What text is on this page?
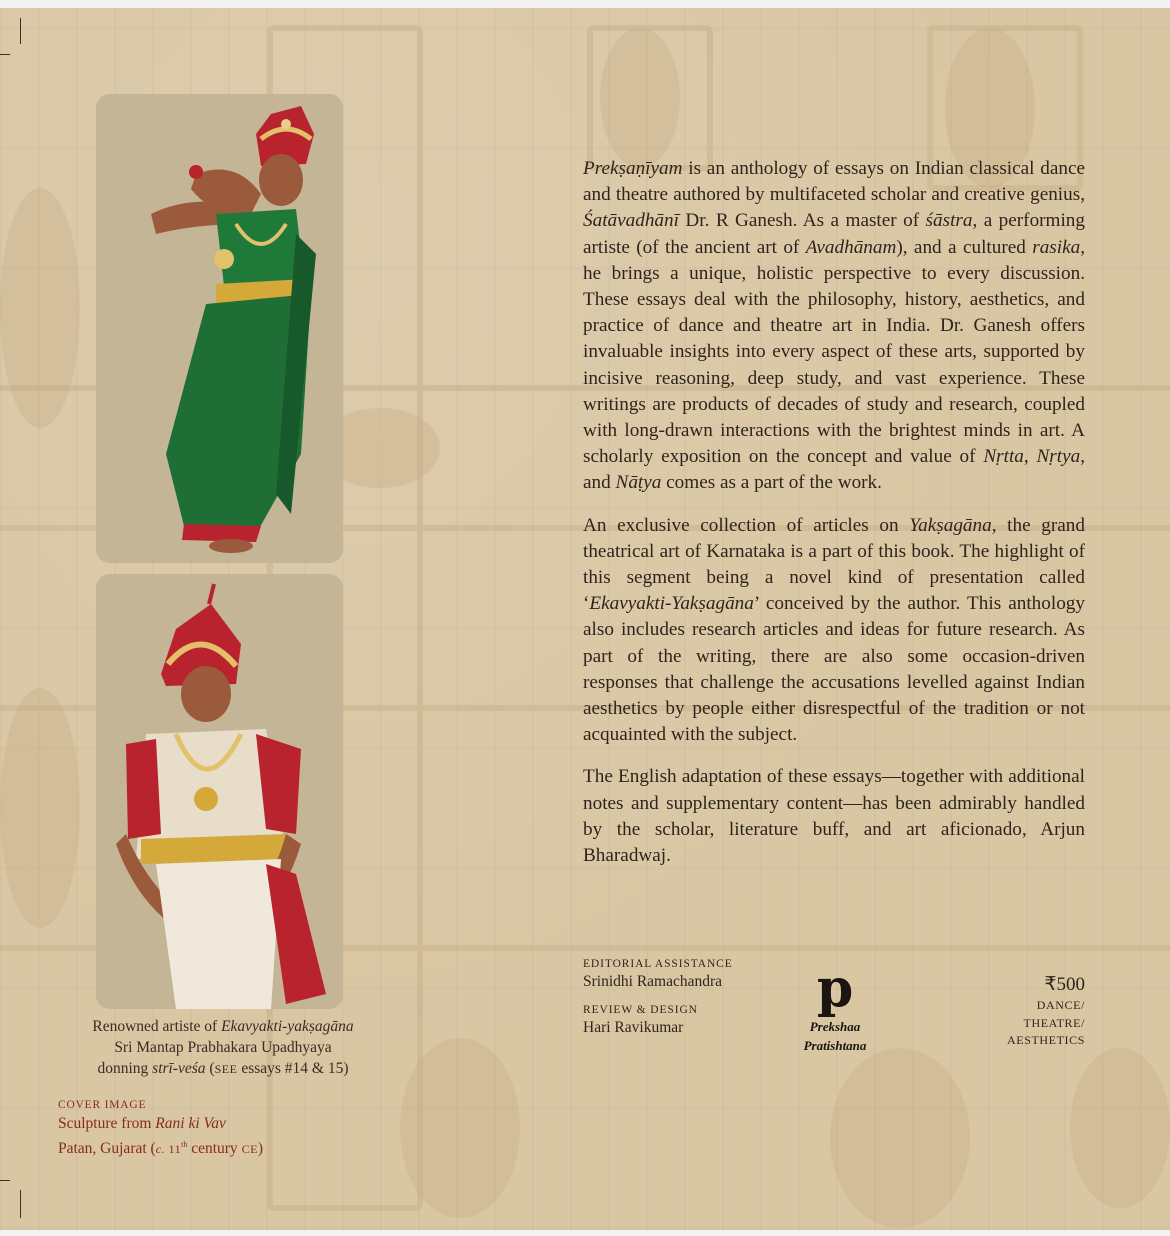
Renowned artiste of Ekavyakti-yakṣagāna
Sri Mantap Prabhakara Upadhyaya
donning strī-veśa (SEE essays #14 & 15)
COVER IMAGE
Sculpture from Rani ki Vav
Patan, Gujarat (c. 11th century CE)

Prekṣaṇīyam is an anthology of essays on Indian classical dance and theatre authored by multifaceted scholar and creative genius, Śatāvadhānī Dr. R Ganesh. As a master of śāstra, a performing artiste (of the ancient art of Avadhānam), and a cultured rasika, he brings a unique, holistic perspective to every discussion. These essays deal with the philosophy, history, aesthetics, and practice of dance and theatre art in India. Dr. Ganesh offers invaluable insights into every aspect of these arts, supported by incisive reasoning, deep study, and vast experience. These writings are products of decades of study and research, coupled with long-drawn interactions with the brightest minds in art. A scholarly exposition on the concept and value of Nṛtta, Nṛtya, and Nāṭya comes as a part of the work.

An exclusive collection of articles on Yakṣagāna, the grand theatrical art of Karnataka is a part of this book. The highlight of this segment being a novel kind of presentation called ‘Ekavyakti-Yakṣagāna’ conceived by the author. This anthology also includes research articles and ideas for future research. As part of the writing, there are also some occasion-driven responses that challenge the accusations levelled against Indian aesthetics by people either disrespectful of the tradition or not acquainted with the subject.

The English adaptation of these essays—together with additional notes and supplementary content—has been admirably handled by the scholar, literature buff, and art aficionado, Arjun Bharadwaj.

EDITORIAL ASSISTANCE
Srinidhi Ramachandra
REVIEW & DESIGN
Hari Ravikumar
p
Prekshaa
Pratishtana
₹500
DANCE/
THEATRE/
AESTHETICS
